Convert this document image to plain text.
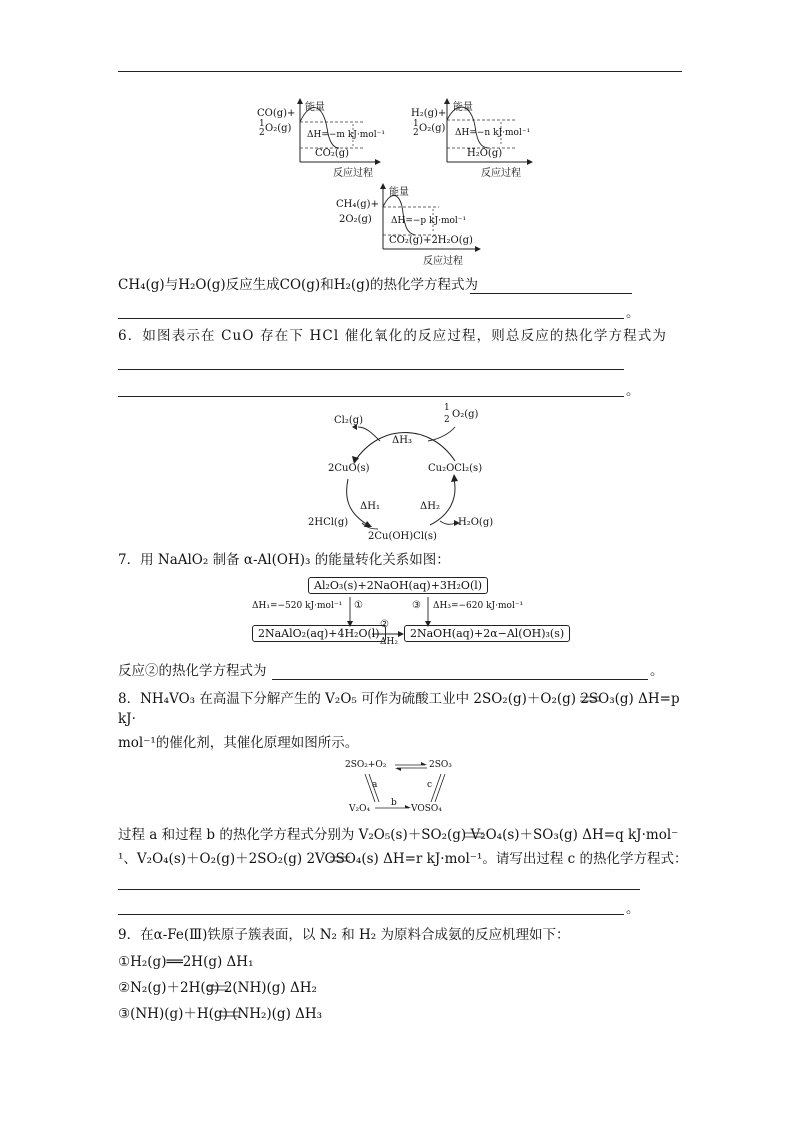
CO(g)+
1
2 O₂(g)
能量
ΔH=−m kJ·mol⁻¹
CO₂(g)
反应过程
H₂(g)+
1
2 O₂(g)
能量
ΔH=−n kJ·mol⁻¹
H₂O(g)
反应过程
CH₄(g)+
2O₂(g)
能量
ΔH=−p kJ·mol⁻¹
CO₂(g)+2H₂O(g)
反应过程
CH₄(g)与H₂O(g)反应生成CO(g)和H₂(g)的热化学方程式为
。
6．如图表示在 CuO 存在下 HCl 催化氧化的反应过程，则总反应的热化学方程式为
。
Cl₂(g)
1
2 O₂(g)
ΔH₃
2CuO(s)	Cu₂OCl₂(s)
ΔH₁	ΔH₂
2HCl(g)	H₂O(g)
2Cu(OH)Cl(s)
7．用 NaAlO₂ 制备 α-Al(OH)₃ 的能量转化关系如图：
Al₂O₃(s)+2NaOH(aq)+3H₂O(l)
ΔH₁=−520 kJ·mol⁻¹ ①	③ ΔH₃=−620 kJ·mol⁻¹
2NaAlO₂(aq)+4H₂O(l)
②
ΔH₂
2NaOH(aq)+2α−Al(OH)₃(s)
反应②的热化学方程式为	。
8．NH₄VO₃ 在高温下分解产生的 V₂O₅ 可作为硫酸工业中 2SO₂(g)＋O₂(g) 2SO₃(g) ΔH=p
kJ·
mol⁻¹的催化剂，其催化原理如图所示。
2SO₂+O₂	2SO₃
a	c
b
V₂O₄	VOSO₄
过程 a 和过程 b 的热化学方程式分别为 V₂O₅(s)＋SO₂(g) V₂O₄(s)＋SO₃(g) ΔH=q kJ·mol⁻
¹、V₂O₄(s)＋O₂(g)＋2SO₂(g) 2VOSO₄(s) ΔH=r kJ·mol⁻¹。请写出过程 c 的热化学方程式：
。
9．在α-Fe(Ⅲ)铁原子簇表面，以 N₂ 和 H₂ 为原料合成氨的反应机理如下：
①H₂(g)══2H(g) ΔH₁
②N₂(g)＋2H(g) 2(NH)(g) ΔH₂
③(NH)(g)＋H(g) (NH₂)(g) ΔH₃
